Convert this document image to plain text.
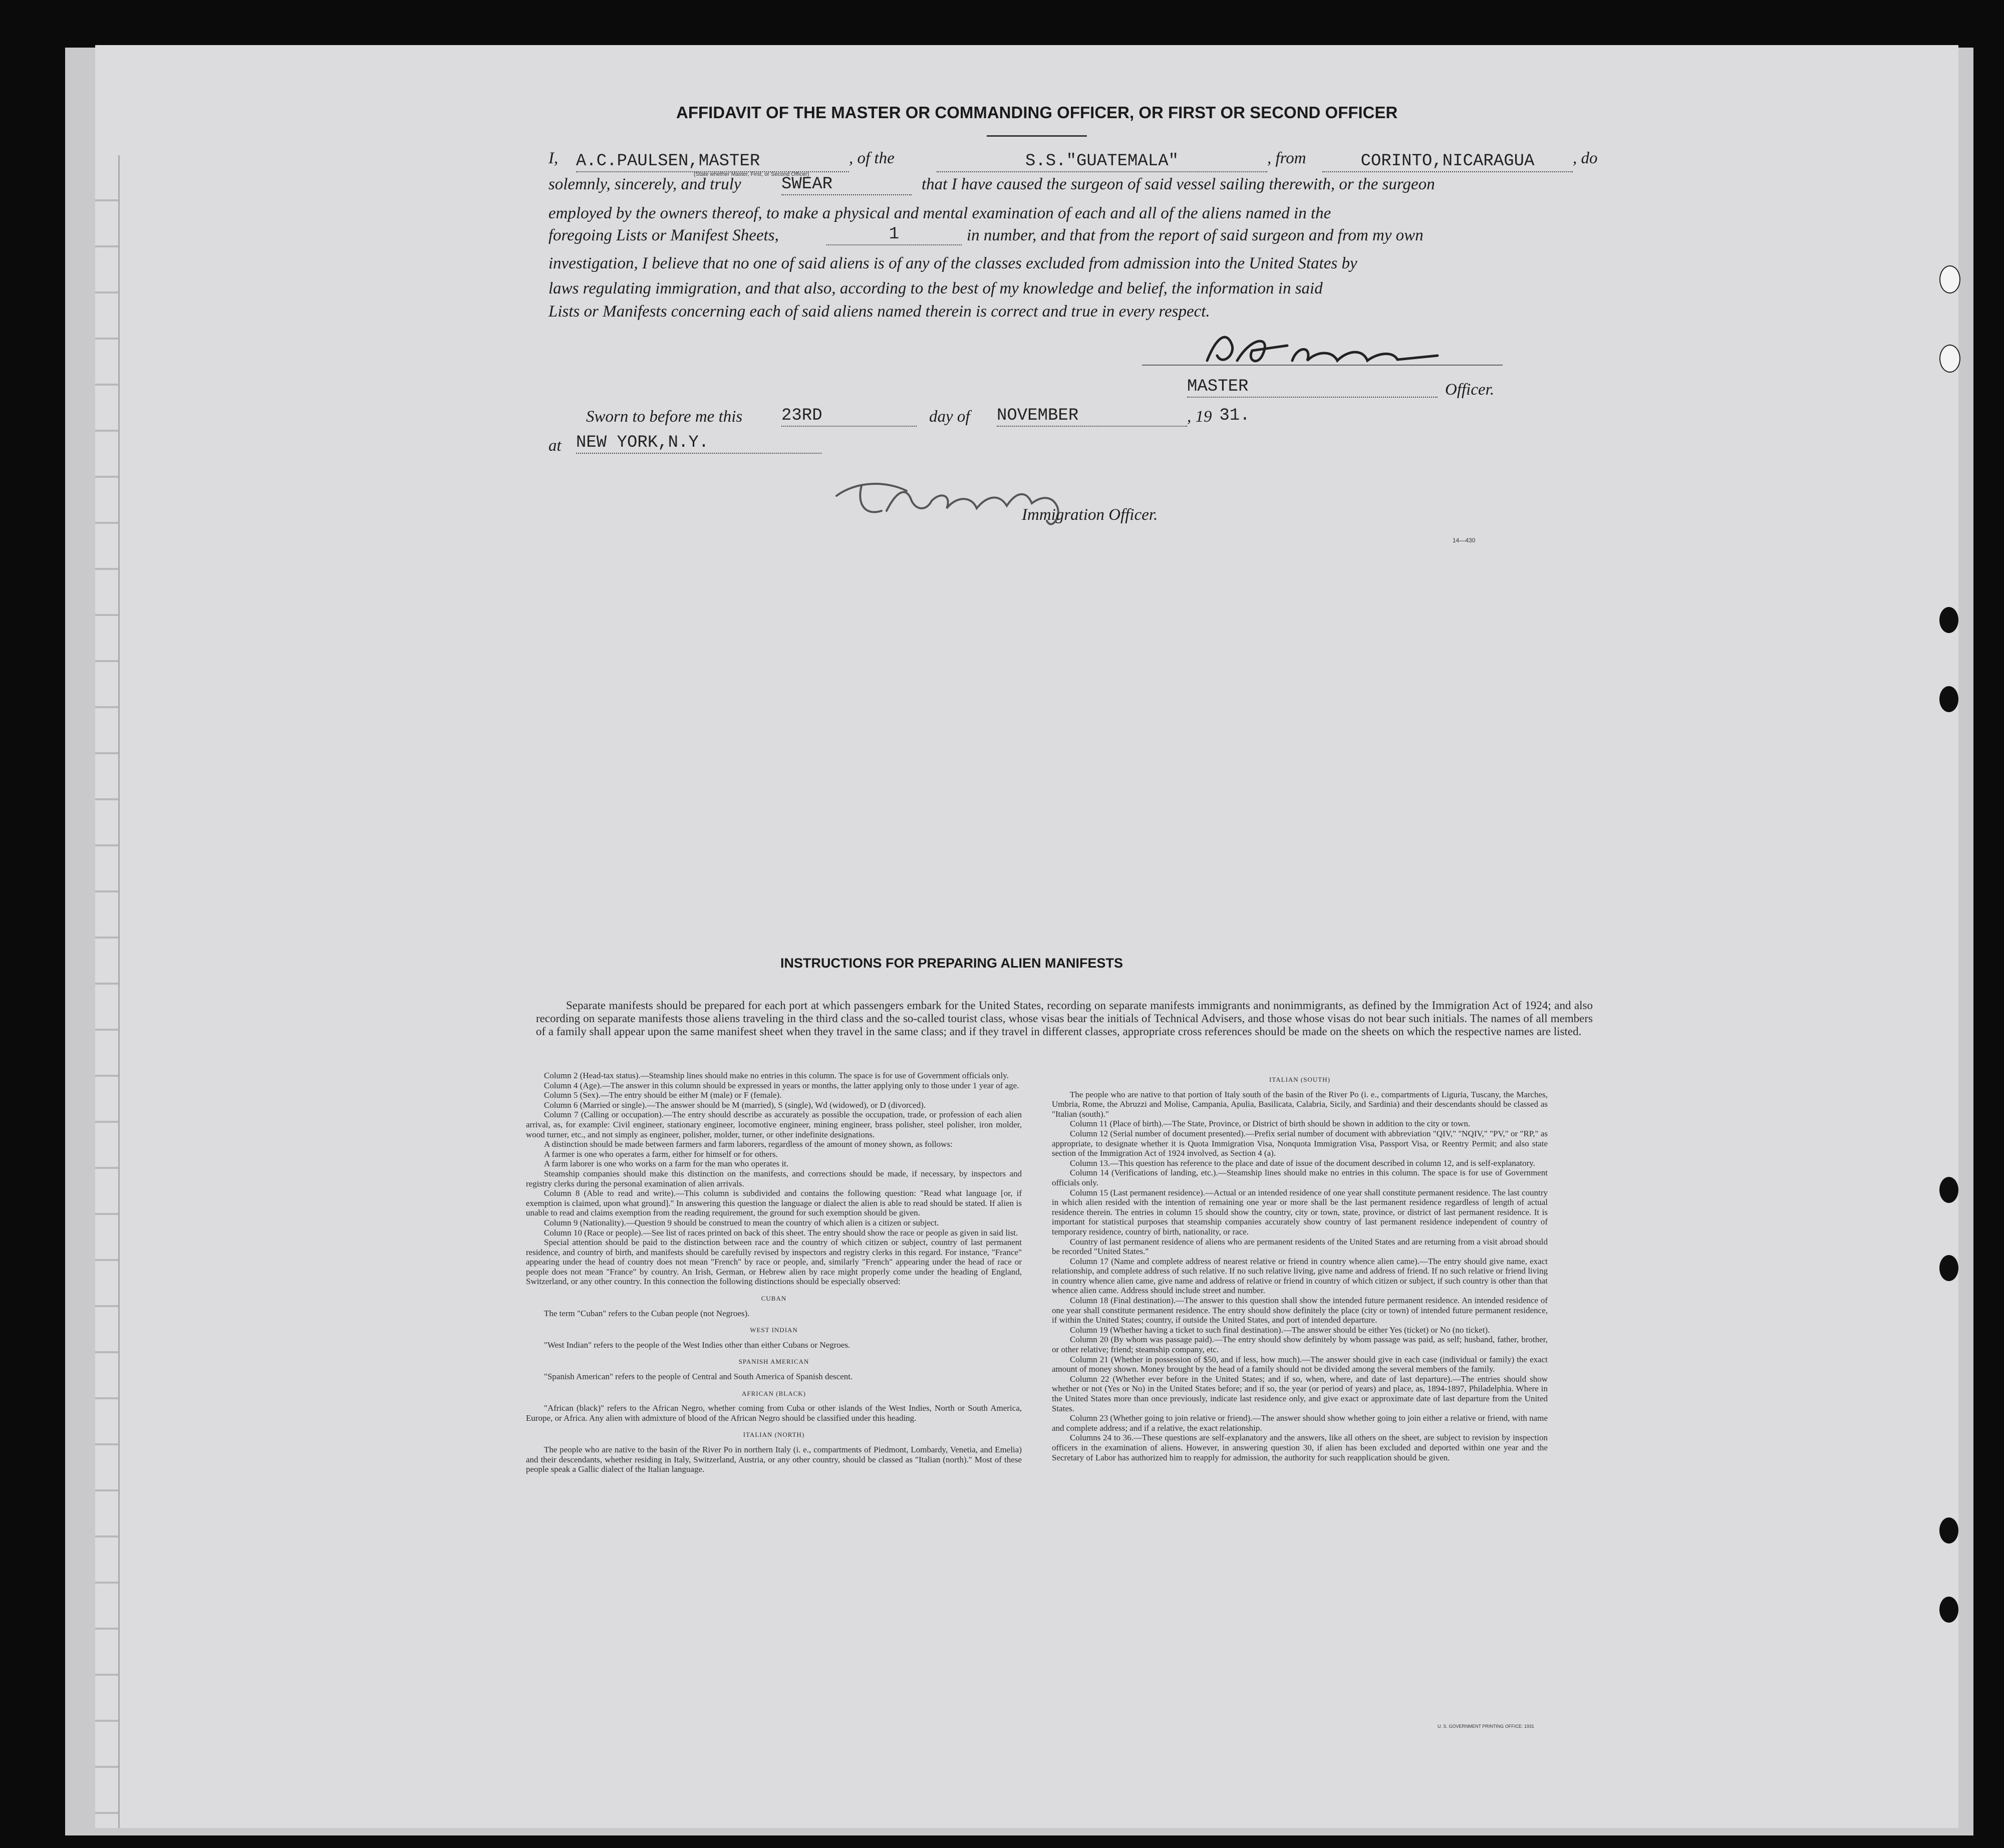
AFFIDAVIT OF THE MASTER OR COMMANDING OFFICER, OR FIRST OR SECOND OFFICER
I, A.C.PAULSEN,MASTER
(State whether Master, First, or Second Officer)
, of the	S.S."GUATEMALA"	, from	CORINTO,NICARAGUA	, do
solemnly, sincerely, and truly SWEAR	that I have caused the surgeon of said vessel sailing therewith, or the surgeon
employed by the owners thereof, to make a physical and mental examination of each and all of the aliens named in the
foregoing Lists or Manifest Sheets,	1	in number, and that from the report of said surgeon and from my own
investigation, I believe that no one of said aliens is of any of the classes excluded from admission into the United States by
laws regulating immigration, and that also, according to the best of my knowledge and belief, the information in said
Lists or Manifests concerning each of said aliens named therein is correct and true in every respect.
MASTER	Officer.
Sworn to before me this 23RD	day of NOVEMBER	, 19 31.
at NEW YORK,N.Y.
Immigration Officer.
14—430
INSTRUCTIONS FOR PREPARING ALIEN MANIFESTS

Separate manifests should be prepared for each port at which passengers embark for the United States, recording on separate manifests immigrants and nonimmigrants, as defined by the Immigration Act of 1924; and also recording on separate manifests those aliens traveling in the third class and the so-called tourist class, whose visas bear the initials of Technical Advisers, and those whose visas do not bear such initials. The names of all members of a family shall appear upon the same manifest sheet when they travel in the same class; and if they travel in different classes, appropriate cross references should be made on the sheets on which the respective names are listed.

Column 2 (Head-tax status).—Steamship lines should make no entries in this column. The space is for use of Government officials only.

Column 4 (Age).—The answer in this column should be expressed in years or months, the latter applying only to those under 1 year of age.

Column 5 (Sex).—The entry should be either M (male) or F (female).

Column 6 (Married or single).—The answer should be M (married), S (single), Wd (widowed), or D (divorced).

Column 7 (Calling or occupation).—The entry should describe as accurately as possible the occupation, trade, or profession of each alien arrival, as, for example: Civil engineer, stationary engineer, locomotive engineer, mining engineer, brass polisher, steel polisher, iron molder, wood turner, etc., and not simply as engineer, polisher, molder, turner, or other indefinite designations.

A distinction should be made between farmers and farm laborers, regardless of the amount of money shown, as follows:

A farmer is one who operates a farm, either for himself or for others.

A farm laborer is one who works on a farm for the man who operates it.

Steamship companies should make this distinction on the manifests, and corrections should be made, if necessary, by inspectors and registry clerks during the personal examination of alien arrivals.

Column 8 (Able to read and write).—This column is subdivided and contains the following question: "Read what language [or, if exemption is claimed, upon what ground]." In answering this question the language or dialect the alien is able to read should be stated. If alien is unable to read and claims exemption from the reading requirement, the ground for such exemption should be given.

Column 9 (Nationality).—Question 9 should be construed to mean the country of which alien is a citizen or subject.

Column 10 (Race or people).—See list of races printed on back of this sheet. The entry should show the race or people as given in said list.

Special attention should be paid to the distinction between race and the country of which citizen or subject, country of last permanent residence, and country of birth, and manifests should be carefully revised by inspectors and registry clerks in this regard. For instance, "France" appearing under the head of country does not mean "French" by race or people, and, similarly "French" appearing under the head of race or people does not mean "France" by country. An Irish, German, or Hebrew alien by race might properly come under the heading of England, Switzerland, or any other country. In this connection the following distinctions should be especially observed:

CUBAN

The term "Cuban" refers to the Cuban people (not Negroes).

WEST INDIAN

"West Indian" refers to the people of the West Indies other than either Cubans or Negroes.

SPANISH AMERICAN

"Spanish American" refers to the people of Central and South America of Spanish descent.

AFRICAN (BLACK)

"African (black)" refers to the African Negro, whether coming from Cuba or other islands of the West Indies, North or South America, Europe, or Africa. Any alien with admixture of blood of the African Negro should be classified under this heading.

ITALIAN (NORTH)

The people who are native to the basin of the River Po in northern Italy (i. e., compartments of Piedmont, Lombardy, Venetia, and Emelia) and their descendants, whether residing in Italy, Switzerland, Austria, or any other country, should be classed as "Italian (north)." Most of these people speak a Gallic dialect of the Italian language.

ITALIAN (SOUTH)

The people who are native to that portion of Italy south of the basin of the River Po (i. e., compartments of Liguria, Tuscany, the Marches, Umbria, Rome, the Abruzzi and Molise, Campania, Apulia, Basilicata, Calabria, Sicily, and Sardinia) and their descendants should be classed as "Italian (south)."

Column 11 (Place of birth).—The State, Province, or District of birth should be shown in addition to the city or town.

Column 12 (Serial number of document presented).—Prefix serial number of document with abbreviation "QIV," "NQIV," "PV," or "RP," as appropriate, to designate whether it is Quota Immigration Visa, Nonquota Immigration Visa, Passport Visa, or Reentry Permit; and also state section of the Immigration Act of 1924 involved, as Section 4 (a).

Column 13.—This question has reference to the place and date of issue of the document described in column 12, and is self-explanatory.

Column 14 (Verifications of landing, etc.).—Steamship lines should make no entries in this column. The space is for use of Government officials only.

Column 15 (Last permanent residence).—Actual or an intended residence of one year shall constitute permanent residence. The last country in which alien resided with the intention of remaining one year or more shall be the last permanent residence regardless of length of actual residence therein. The entries in column 15 should show the country, city or town, state, province, or district of last permanent residence. It is important for statistical purposes that steamship companies accurately show country of last permanent residence independent of country of temporary residence, country of birth, nationality, or race.

Country of last permanent residence of aliens who are permanent residents of the United States and are returning from a visit abroad should be recorded "United States."

Column 17 (Name and complete address of nearest relative or friend in country whence alien came).—The entry should give name, exact relationship, and complete address of such relative. If no such relative living, give name and address of friend. If no such relative or friend living in country whence alien came, give name and address of relative or friend in country of which citizen or subject, if such country is other than that whence alien came. Address should include street and number.

Column 18 (Final destination).—The answer to this question shall show the intended future permanent residence. An intended residence of one year shall constitute permanent residence. The entry should show definitely the place (city or town) of intended future permanent residence, if within the United States; country, if outside the United States, and port of intended departure.

Column 19 (Whether having a ticket to such final destination).—The answer should be either Yes (ticket) or No (no ticket).

Column 20 (By whom was passage paid).—The entry should show definitely by whom passage was paid, as self; husband, father, brother, or other relative; friend; steamship company, etc.

Column 21 (Whether in possession of $50, and if less, how much).—The answer should give in each case (individual or family) the exact amount of money shown. Money brought by the head of a family should not be divided among the several members of the family.

Column 22 (Whether ever before in the United States; and if so, when, where, and date of last departure).—The entries should show whether or not (Yes or No) in the United States before; and if so, the year (or period of years) and place, as, 1894-1897, Philadelphia. Where in the United States more than once previously, indicate last residence only, and give exact or approximate date of last departure from the United States.

Column 23 (Whether going to join relative or friend).—The answer should show whether going to join either a relative or friend, with name and complete address; and if a relative, the exact relationship.

Columns 24 to 36.—These questions are self-explanatory and the answers, like all others on the sheet, are subject to revision by inspection officers in the examination of aliens. However, in answering question 30, if alien has been excluded and deported within one year and the Secretary of Labor has authorized him to reapply for admission, the authority for such reapplication should be given.

U. S. GOVERNMENT PRINTING OFFICE: 1931
